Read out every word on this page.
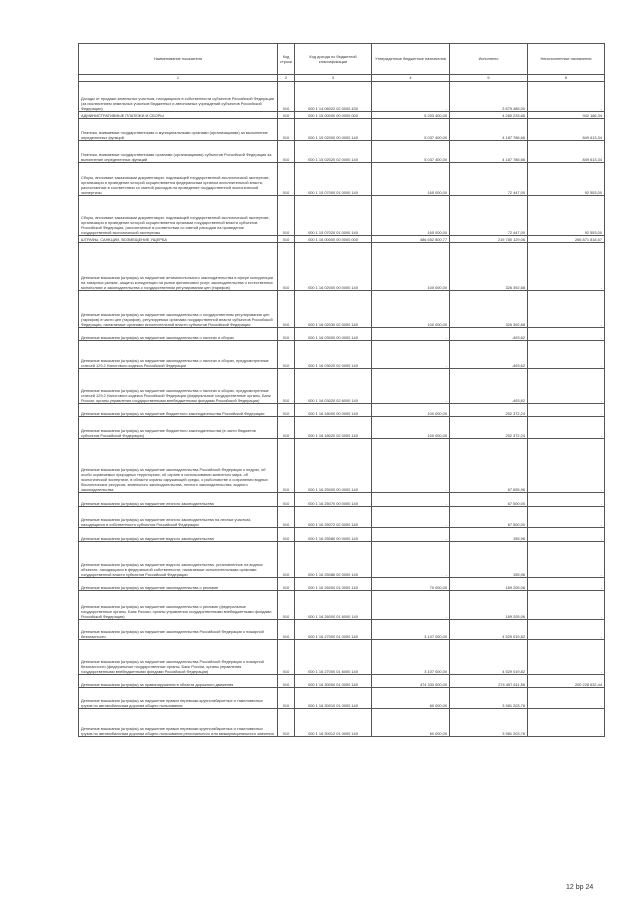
Наименование показателя	Код строки	Код дохода по бюджетной классификации	Утвержденные бюджетные назначения	Исполнено	Неисполненные назначения
1	2	3	4	5	6
Доходы от продажи земельных участков, находящихся в собственности субъектов Российской Федерации (за исключением земельных участков бюджетных и автономных учреждений субъектов Российской Федерации)	010	000 1 14 06022 02 0000 430	-	3 879 485,00	-
АДМИНИСТРАТИВНЫЕ ПЛАТЕЖИ И СБОРЫ	010	000 1 15 00000 00 0000 000	5 203 400,00	4 260 233,66	942 166,34
Платежи, взимаемые государственными и муниципальными органами (организациями) за выполнение определенных функций	010	000 1 15 02000 00 0000 140	5 037 400,00	4 187 786,66	849 613,34
Платежи, взимаемые государственными органами (организациями) субъектов Российской Федерации за выполнение определенных функций	010	000 1 15 02020 02 0000 140	5 037 400,00	4 187 786,66	849 613,34
Сборы, вносимые заказчиками документации, подлежащей государственной экологической экспертизе, организация и проведение которой осуществляется федеральным органом исполнительной власти, рассчитанные в соответствии со сметой расходов на проведение государственной экологической экспертизы	010	000 1 15 07000 01 0000 140	165 000,00	72 447,00	92 553,00
Сборы, вносимые заказчиками документации, подлежащей государственной экологической экспертизе, организация и проведение которой осуществляется органами государственной власти субъектов Российской Федерации, рассчитанные в соответствии со сметой расходов на проведение государственной экологической экспертизы	010	000 1 15 07020 01 0000 140	165 000,00	72 447,00	92 553,00
ШТРАФЫ, САНКЦИИ, ВОЗМЕЩЕНИЕ УЩЕРБА	010	000 1 16 00000 00 0000 000	486 652 800,77	219 780 129,06	266 871 818,57
Денежные взыскания (штрафы) за нарушение антимонопольного законодательства в сфере конкуренции на товарных рынках, защиты конкуренции на рынке финансовых услуг, законодательства о естественных монополиях и законодательства о государственном регулировании цен (тарифов)	010	000 1 16 02000 00 0000 140	100 000,00	326 392,68	-
Денежные взыскания (штрафы) за нарушение законодательства о государственном регулировании цен (тарифов) в части цен (тарифов), регулируемых органами государственной власти субъектов Российской Федерации, налагаемые органами исполнительной власти субъектов Российской Федерации	010	000 1 16 02030 02 0000 140	100 000,00	326 392,68	-
Денежные взыскания (штрафы) за нарушение законодательства о налогах и сборах	010	000 1 16 03000 00 0000 140	-	-493,62	-
Денежные взыскания (штрафы) за нарушение законодательства о налогах и сборах, предусмотренные статьей 129.2 Налогового кодекса Российской Федерации	010	000 1 16 03020 02 0000 140	-	-493,62	-
Денежные взыскания (штрафы) за нарушение законодательства о налогах и сборах, предусмотренные статьей 129.2 Налогового кодекса Российской Федерации (федеральные государственные органы, Банк России, органы управления государственными внебюджетными фондами Российской Федерации)	010	000 1 16 03020 02 6000 140	-	-493,62	-
Денежные взыскания (штрафы) за нарушение бюджетного законодательства Российской Федерации	010	000 1 16 18000 00 0000 140	100 000,00	252 372,24	-
Денежные взыскания (штрафы) за нарушение бюджетного законодательства (в части бюджетов субъектов Российской Федерации)	010	000 1 16 18020 02 0000 140	100 000,00	252 372,24	-
Денежные взыскания (штрафы) за нарушение законодательства Российской Федерации о недрах, об особо охраняемых природных территориях, об охране и использовании животного мира, об экологической экспертизе, в области охраны окружающей среды, о рыболовстве и сохранении водных биологических ресурсов, земельного законодательства, лесного законодательства, водного законодательства	010	000 1 16 25000 00 0000 140	-	67 655,96	-
Денежные взыскания (штрафы) за нарушение лесного законодательства	010	000 1 16 25070 00 0000 140	-	67 500,00	-
Денежные взыскания (штрафы) за нарушение лесного законодательства на лесных участках, находящихся в собственности субъектов Российской Федерации	010	000 1 16 25072 02 0000 140	-	67 500,00	-
Денежные взыскания (штрафы) за нарушение водного законодательства	010	000 1 16 25080 00 0000 140	-	155,96	-
Денежные взыскания (штрафы) за нарушение водного законодательства, установленное на водных объектах, находящихся в федеральной собственности, налагаемые исполнительными органами государственной власти субъектов Российской Федерации	010	000 1 16 25086 02 0000 140	-	155,96	-
Денежные взыскания (штрафы) за нарушение законодательства о рекламе	010	000 1 16 26000 01 0000 140	70 000,00	189 205,06	-
Денежные взыскания (штрафы) за нарушение законодательства о рекламе (федеральные государственные органы, Банк России, органы управления государственными внебюджетными фондами Российской Федерации)	010	000 1 16 26000 01 6000 140	-	189 205,06	-
Денежные взыскания (штрафы) за нарушение законодательства Российской Федерации о пожарной безопасности	010	000 1 16 27000 01 0000 140	3 107 000,00	4 529 019,82	-
Денежные взыскания (штрафы) за нарушение законодательства Российской Федерации о пожарной безопасности (федеральные государственные органы, Банк России, органы управления государственными внебюджетными фондами Российской Федерации)	010	000 1 16 27000 01 6000 140	3 107 000,00	4 529 019,82	-
Денежные взыскания (штрафы) за правонарушения в области дорожного движения	010	000 1 16 30000 01 0000 140	474 333 000,00	274 457 611,56	200 228 632,44
Денежные взыскания (штрафы) за нарушение правил перевозки крупногабаритных и тяжеловесных грузов по автомобильным дорогам общего пользования	010	000 1 16 30010 01 0000 140	60 000,00	3 981 203,76	-
Денежные взыскания (штрафы) за нарушение правил перевозки крупногабаритных и тяжеловесных грузов по автомобильным дорогам общего пользования регионального или межмуниципального значения	010	000 1 16 30012 01 0000 140	60 000,00	3 981 203,76	-
12 bp 24
